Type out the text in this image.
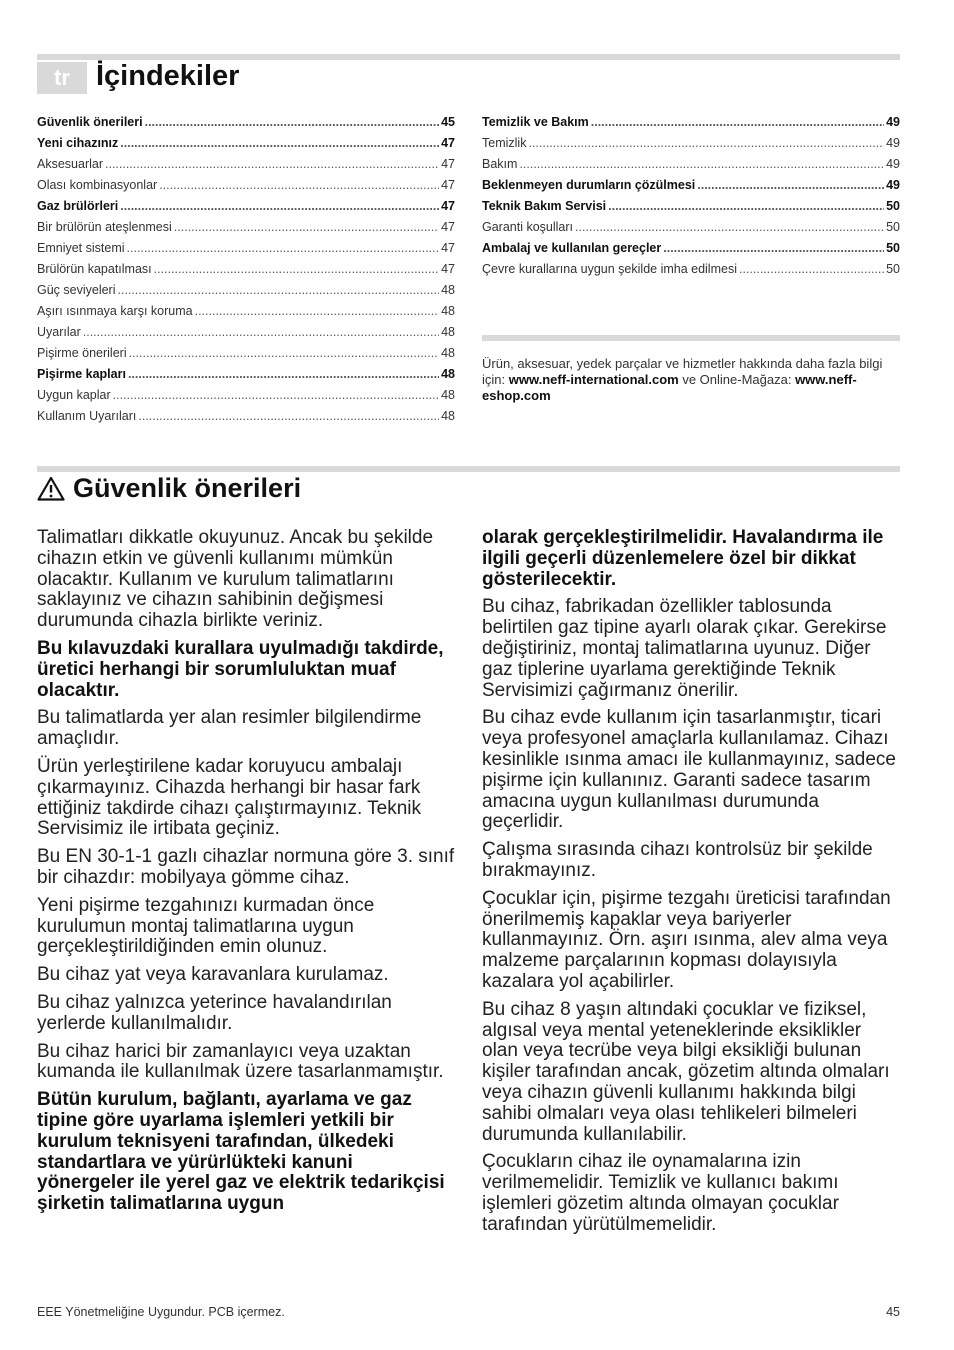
tr İçindekiler
Güvenlik önerileri .....	45
Yeni cihazınız .....	47
Aksesuarlar .....	47
Olası kombinasyonlar .....	47
Gaz brülörleri .....	47
Bir brülörün ateşlenmesi .....	47
Emniyet sistemi .....	47
Brülörün kapatılması .....	47
Güç seviyeleri .....	48
Aşırı ısınmaya karşı koruma .....	48
Uyarılar .....	48
Pişirme önerileri .....	48
Pişirme kapları .....	48
Uygun kaplar .....	48
Kullanım Uyarıları .....	48
Temizlik ve Bakım .....	49
Temizlik .....	49
Bakım .....	49
Beklenmeyen durumların çözülmesi .....	49
Teknik Bakım Servisi .....	50
Garanti koşulları .....	50
Ambalaj ve kullanılan gereçler .....	50
Çevre kurallarına uygun şekilde imha edilmesi .....	50

Ürün, aksesuar, yedek parçalar ve hizmetler hakkında daha fazla bilgi için: www.neff-international.com ve Online-Mağaza: www.neff-eshop.com

Güvenlik önerileri

Talimatları dikkatle okuyunuz. Ancak bu şekilde cihazın etkin ve güvenli kullanımı mümkün olacaktır. Kullanım ve kurulum talimatlarını saklayınız ve cihazın sahibinin değişmesi durumunda cihazla birlikte veriniz.

Bu kılavuzdaki kurallara uyulmadığı takdirde, üretici herhangi bir sorumluluktan muaf olacaktır.

Bu talimatlarda yer alan resimler bilgilendirme amaçlıdır.

Ürün yerleştirilene kadar koruyucu ambalajı çıkarmayınız. Cihazda herhangi bir hasar fark ettiğiniz takdirde cihazı çalıştırmayınız. Teknik Servisimiz ile irtibata geçiniz.

Bu EN 30-1-1 gazlı cihazlar normuna göre 3. sınıf bir cihazdır: mobilyaya gömme cihaz.

Yeni pişirme tezgahınızı kurmadan önce kurulumun montaj talimatlarına uygun gerçekleştirildiğinden emin olunuz.

Bu cihaz yat veya karavanlara kurulamaz.

Bu cihaz yalnızca yeterince havalandırılan yerlerde kullanılmalıdır.

Bu cihaz harici bir zamanlayıcı veya uzaktan kumanda ile kullanılmak üzere tasarlanmamıştır.

Bütün kurulum, bağlantı, ayarlama ve gaz tipine göre uyarlama işlemleri yetkili bir kurulum teknisyeni tarafından, ülkedeki standartlara ve yürürlükteki kanuni yönergeler ile yerel gaz ve elektrik tedarikçisi şirketin talimatlarına uygun

olarak gerçekleştirilmelidir. Havalandırma ile ilgili geçerli düzenlemelere özel bir dikkat gösterilecektir.

Bu cihaz, fabrikadan özellikler tablosunda belirtilen gaz tipine ayarlı olarak çıkar. Gerekirse değiştiriniz, montaj talimatlarına uyunuz. Diğer gaz tiplerine uyarlama gerektiğinde Teknik Servisimizi çağırmanız önerilir.

Bu cihaz evde kullanım için tasarlanmıştır, ticari veya profesyonel amaçlarla kullanılamaz. Cihazı kesinlikle ısınma amacı ile kullanmayınız, sadece pişirme için kullanınız. Garanti sadece tasarım amacına uygun kullanılması durumunda geçerlidir.

Çalışma sırasında cihazı kontrolsüz bir şekilde bırakmayınız.

Çocuklar için, pişirme tezgahı üreticisi tarafından önerilmemiş kapaklar veya bariyerler kullanmayınız. Örn. aşırı ısınma, alev alma veya malzeme parçalarının kopması dolayısıyla kazalara yol açabilirler.

Bu cihaz 8 yaşın altındaki çocuklar ve fiziksel, algısal veya mental yeteneklerinde eksiklikler olan veya tecrübe veya bilgi eksikliği bulunan kişiler tarafından ancak, gözetim altında olmaları veya cihazın güvenli kullanımı hakkında bilgi sahibi olmaları veya olası tehlikeleri bilmeleri durumunda kullanılabilir.

Çocukların cihaz ile oynamalarına izin verilmemelidir. Temizlik ve kullanıcı bakımı işlemleri gözetim altında olmayan çocuklar tarafından yürütülmemelidir.

EEE Yönetmeliğine Uygundur. PCB içermez.	45
